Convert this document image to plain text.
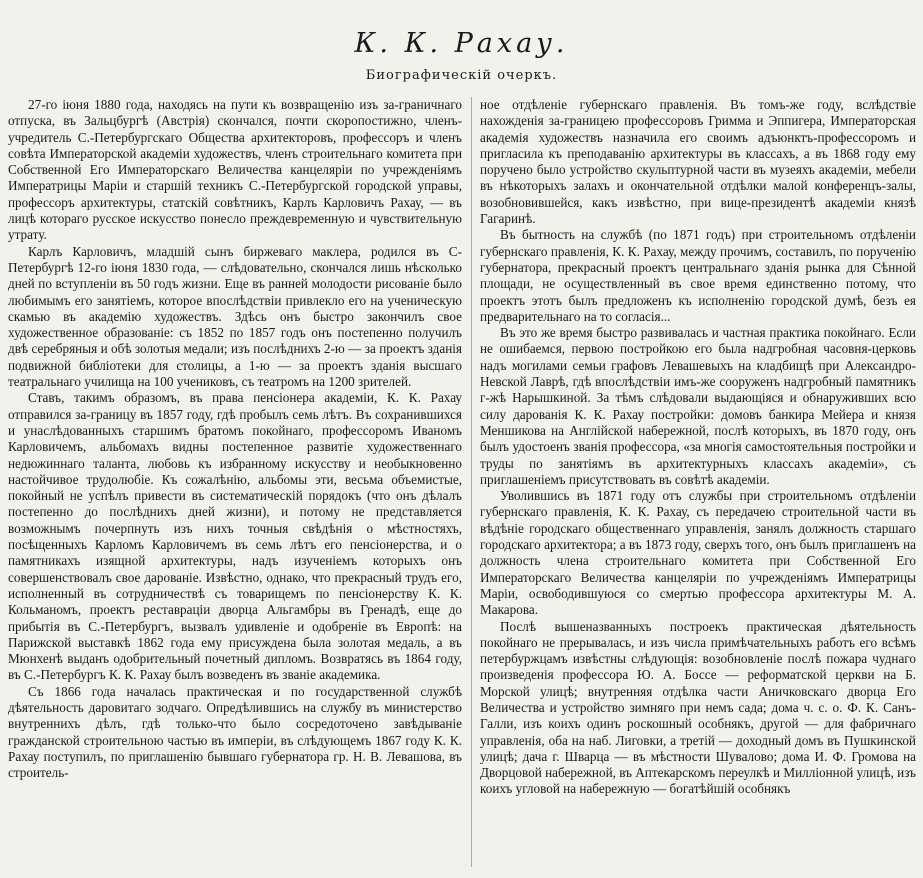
К. К. Рахау.
Биографическій очеркъ.

27-го іюня 1880 года, находясь на пути къ возвращенію изъ за-граничнаго отпуска, въ Зальцбургѣ (Австрія) скончался, почти скоропостижно, членъ-учредитель С.-Петербургскаго Общества архитекторовъ, профессоръ и членъ совѣта Императорской академіи художествъ, членъ строительнаго комитета при Собственной Его Императорскаго Величества канцеляріи по учрежденіямъ Императрицы Маріи и старшій техникъ С.-Петербургской городской управы, профессоръ архитектуры, статскій совѣтникъ, Карлъ Карловичъ Рахау, — въ лицѣ котораго русское искусство понесло преждевременную и чувствительную утрату.

Карлъ Карловичъ, младшій сынъ биржеваго маклера, родился въ С-Петербургѣ 12-го іюня 1830 года, — слѣдовательно, скончался лишь нѣсколько дней по вступленіи въ 50 годъ жизни. Еще въ ранней молодости рисованіе было любимымъ его занятіемъ, которое впослѣдствіи привлекло его на ученическую скамью въ академію художествъ. Здѣсь онъ быстро закончилъ свое художественное образованіе: съ 1852 по 1857 годъ онъ постепенно получилъ двѣ серебряныя и обѣ золотыя медали; изъ послѣднихъ 2-ю — за проектъ зданія подвижной библіотеки для столицы, а 1-ю — за проектъ зданія высшаго театральнаго училища на 100 учениковъ, съ театромъ на 1200 зрителей.

Ставъ, такимъ образомъ, въ права пенсіонера академіи, К. К. Рахау отправился за-границу въ 1857 году, гдѣ пробылъ семь лѣтъ. Въ сохранившихся и унаслѣдованныхъ старшимъ братомъ покойнаго, профессоромъ Иваномъ Карловичемъ, альбомахъ видны постепенное развитіе художественнаго недюжиннаго таланта, любовь къ избранному искусству и необыкновенно настойчивое трудолюбіе. Къ сожалѣнію, альбомы эти, весьма объемистые, покойный не успѣлъ привести въ систематическій порядокъ (что онъ дѣлалъ постепенно до послѣднихъ дней жизни), и потому не представляется возможнымъ почерпнуть изъ нихъ точныя свѣдѣнія о мѣстностяхъ, посѣщенныхъ Карломъ Карловичемъ въ семь лѣтъ его пенсіонерства, и о памятникахъ изящной архитектуры, надъ изученіемъ которыхъ онъ совершенствовалъ свое дарованіе. Извѣстно, однако, что прекрасный трудъ его, исполненный въ сотрудничествѣ съ товарищемъ по пенсіонерству К. К. Кольманомъ, проектъ реставраціи дворца Альгамбры въ Гренадѣ, еще до прибытія въ С.-Петербургъ, вызвалъ удивленіе и одобреніе въ Европѣ: на Парижской выставкѣ 1862 года ему присуждена была золотая медаль, а въ Мюнхенѣ выданъ одобрительный почетный дипломъ. Возвратясь въ 1864 году, въ С.-Петербургъ К. К. Рахау былъ возведенъ въ званіе академика.

Съ 1866 года началась практическая и по государственной службѣ дѣятельность даровитаго зодчаго. Опредѣлившись на службу въ министерство внутреннихъ дѣлъ, гдѣ только-что было сосредоточено завѣдываніе гражданской строительною частью въ имперіи, въ слѣдующемъ 1867 году К. К. Рахау поступилъ, по приглашенію бывшаго губернатора гр. Н. В. Левашова, въ строитель-

ное отдѣленіе губернскаго правленія. Въ томъ-же году, вслѣдствіе нахожденія за-границею профессоровъ Гримма и Эппигера, Императорская академія художествъ назначила его своимъ адъюнктъ-профессоромъ и пригласила къ преподаванію архитектуры въ классахъ, а въ 1868 году ему поручено было устройство скульптурной части въ музеяхъ академіи, мебели въ нѣкоторыхъ залахъ и окончательной отдѣлки малой конференцъ-залы, возобновившейся, какъ извѣстно, при вице-президентѣ академіи князѣ Гагаринѣ.

Въ бытность на службѣ (по 1871 годъ) при строительномъ отдѣленіи губернскаго правленія, К. К. Рахау, между прочимъ, составилъ, по порученію губернатора, прекрасный проектъ центральнаго зданія рынка для Сѣнной площади, не осуществленный въ свое время единственно потому, что проектъ этотъ былъ предложенъ къ исполненію городской думѣ, безъ ея предварительнаго на то согласія...

Въ это же время быстро развивалась и частная практика покойнаго. Если не ошибаемся, первою постройкою его была надгробная часовня-церковь надъ могилами семьи графовъ Левашевыхъ на кладбищѣ при Александро-Невской Лаврѣ, гдѣ впослѣдствіи имъ-же сооруженъ надгробный памятникъ г-жѣ Нарышкиной. За тѣмъ слѣдовали выдающіяся и обнаруживших всю силу дарованія К. К. Рахау постройки: домовъ банкира Мейера и князя Меншикова на Англійской набережной, послѣ которыхъ, въ 1870 году, онъ былъ удостоенъ званія профессора, «за многія самостоятельныя постройки и труды по занятіямъ въ архитектурныхъ классахъ академіи», съ приглашеніемъ присутствовать въ совѣтѣ академіи.

Уволившись въ 1871 году отъ службы при строительномъ отдѣленіи губернскаго правленія, К. К. Рахау, съ передачею строительной части въ вѣдѣніе городскаго общественнаго управленія, занялъ должность старшаго городскаго архитектора; а въ 1873 году, сверхъ того, онъ былъ приглашенъ на должность члена строительнаго комитета при Собственной Его Императорскаго Величества канцеляріи по учрежденіямъ Императрицы Маріи, освободившуюся со смертью профессора архитектуры М. А. Макарова.

Послѣ вышеназванныхъ построекъ практическая дѣятельность покойнаго не прерывалась, и изъ числа примѣчательныхъ работъ его всѣмъ петербуржцамъ извѣстны слѣдующія: возобновленіе послѣ пожара чуднаго произведенія профессора Ю. А. Боссе — реформатской церкви на Б. Морской улицѣ; внутренняя отдѣлка части Аничковскаго дворца Его Величества и устройство зимняго при немъ сада; дома ч. с. о. Ф. К. Санъ-Галли, изъ коихъ одинъ роскошный особнякъ, другой — для фабричнаго управленія, оба на наб. Лиговки, а третій — доходный домъ въ Пушкинской улицѣ; дача г. Шварца — въ мѣстности Шувалово; дома И. Ф. Громова на Дворцовой набережной, въ Аптекарскомъ переулкѣ и Милліонной улицѣ, изъ коихъ угловой на набережную — богатѣйшій особнякъ
